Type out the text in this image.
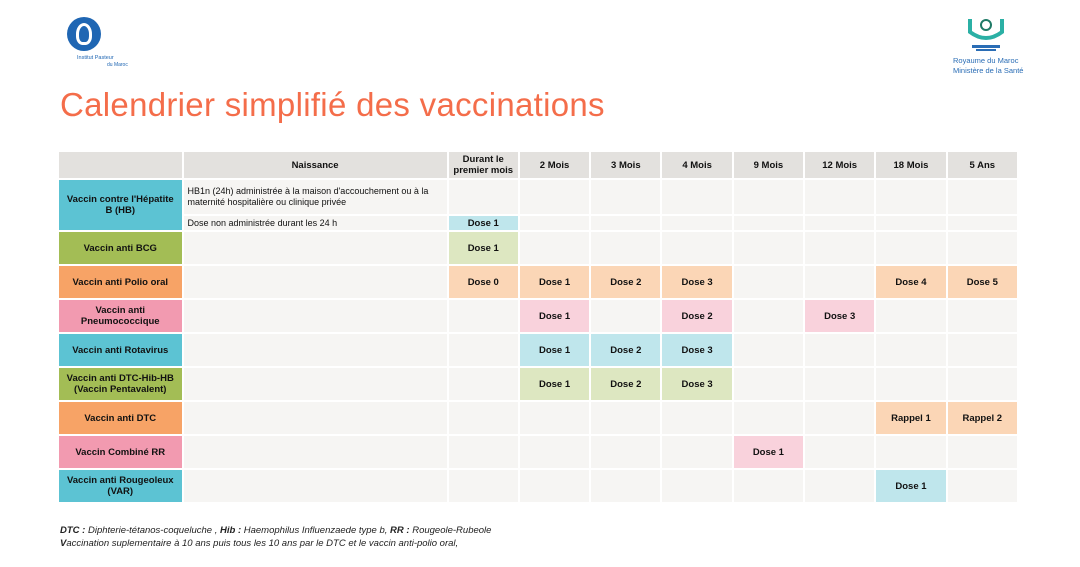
Institut Pasteur
du Maroc	Royaume du Maroc
Ministère de la Santé
Calendrier simplifié des vaccinations
	Naissance	Durant le premier mois	2 Mois	3 Mois	4 Mois	9 Mois	12 Mois	18 Mois	5 Ans
Vaccin contre l'Hépatite B (HB)	HB1n (24h) administrée à la maison d'accouchement ou à la maternité hospitalière ou clinique privée								
	Dose non administrée durant les 24 h	Dose 1							
Vaccin anti BCG		Dose 1							
Vaccin anti Polio oral		Dose 0	Dose 1	Dose 2	Dose 3			Dose 4	Dose 5
Vaccin anti Pneumococcique			Dose 1		Dose 2		Dose 3		
Vaccin anti Rotavirus			Dose 1	Dose 2	Dose 3				
Vaccin anti DTC-Hib-HB (Vaccin Pentavalent)			Dose 1	Dose 2	Dose 3				
Vaccin anti DTC								Rappel 1	Rappel 2
Vaccin Combiné RR						Dose 1			
Vaccin anti Rougeoleux (VAR)								Dose 1	
DTC : Diphterie-tétanos-coqueluche , Hib : Haemophilus Influenzaede type b, RR : Rougeole-Rubeole
Vaccination suplementaire à 10 ans puis tous les 10 ans par le DTC et le vaccin anti-polio oral,
